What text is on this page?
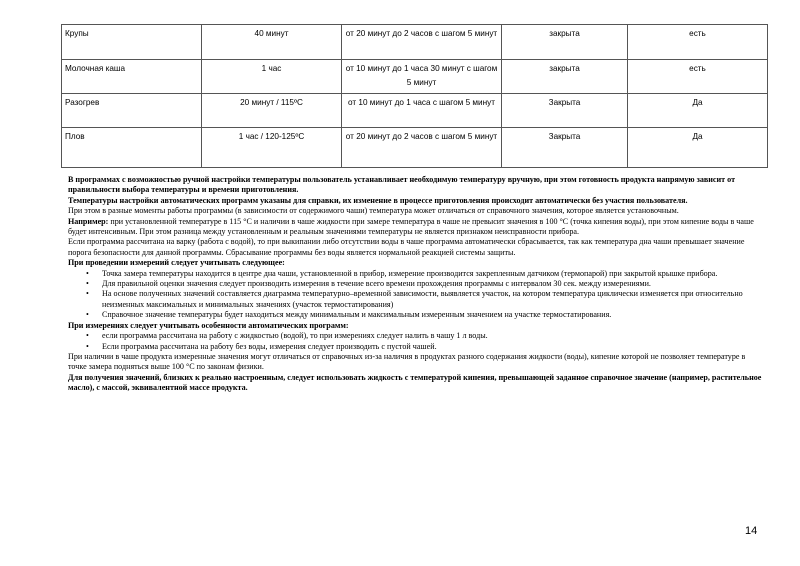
Крупы	40 минут	от 20 минут до 2 часов с шагом 5 минут	закрыта	есть
Молочная каша	1 час	от 10 минут до 1 часа 30 минут с шагом 5 минут	закрыта	есть
Разогрев	20 минут / 115ºC	от 10 минут до 1 часа с шагом 5 минут	Закрыта	Да
Плов	1 час / 120-125ºC	от 20 минут до 2 часов с шагом 5 минут	Закрыта	Да

В программах с возможностью ручной настройки температуры пользователь устанавливает необходимую температуру вручную, при этом готовность продукта напрямую зависит от правильности выбора температуры и времени приготовления.

Температуры настройки автоматических программ указаны для справки, их изменение в процессе приготовления происходит автоматически без участия пользователя.

При этом в разные моменты работы программы (в зависимости от содержимого чаши) температура может отличаться от справочного значения, которое является установочным.

Например: при установленной температуре в 115 °С и наличии в чаше жидкости при замере температура в чаше не превысит значения в 100 °С (точка кипения воды), при этом кипение воды в чаше будет интенсивным. При этом разница между установленным и реальным значениями температуры не является признаком неисправности прибора.

Если программа рассчитана на варку (работа с водой), то при выкипании либо отсутствии воды в чаше программа автоматически сбрасывается, так как температура дна чаши превышает значение порога безопасности для данной программы. Сбрасывание программы без воды является нормальной реакцией системы защиты.

При проведении измерений следует учитывать следующее:

• Точка замера температуры находится в центре дна чаши, установленной в прибор, измерение производится закрепленным датчиком (термопарой) при закрытой крышке прибора.
• Для правильной оценки значения следует производить измерения в течение всего времени прохождения программы с интервалом 30 сек. между измерениями.
• На основе полученных значений составляется диаграмма температурно–временной зависимости, выявляется участок, на котором температура циклически изменяется при относительно неизменных максимальных и минимальных значениях (участок термостатирования)
• Справочное значение температуры будет находиться между минимальным и максимальным измеренным значением на участке термостатирования.

При измерениях следует учитывать особенности автоматических программ:

• если программа рассчитана на работу с жидкостью (водой), то при измерениях следует налить в чашу 1 л воды.
• Если программа рассчитана на работу без воды, измерения следует производить с пустой чашей.

При наличии в чаше продукта измеренные значения могут отличаться от справочных из-за наличия в продуктах разного содержания жидкости (воды), кипение которой не позволяет температуре в точке замера подняться выше 100 °С по законам физики.

Для получения значений, близких к реально настроенным, следует использовать жидкость с температурой кипения, превышающей заданное справочное значение (например, растительное масло), с массой, эквивалентной массе продукта.

14
